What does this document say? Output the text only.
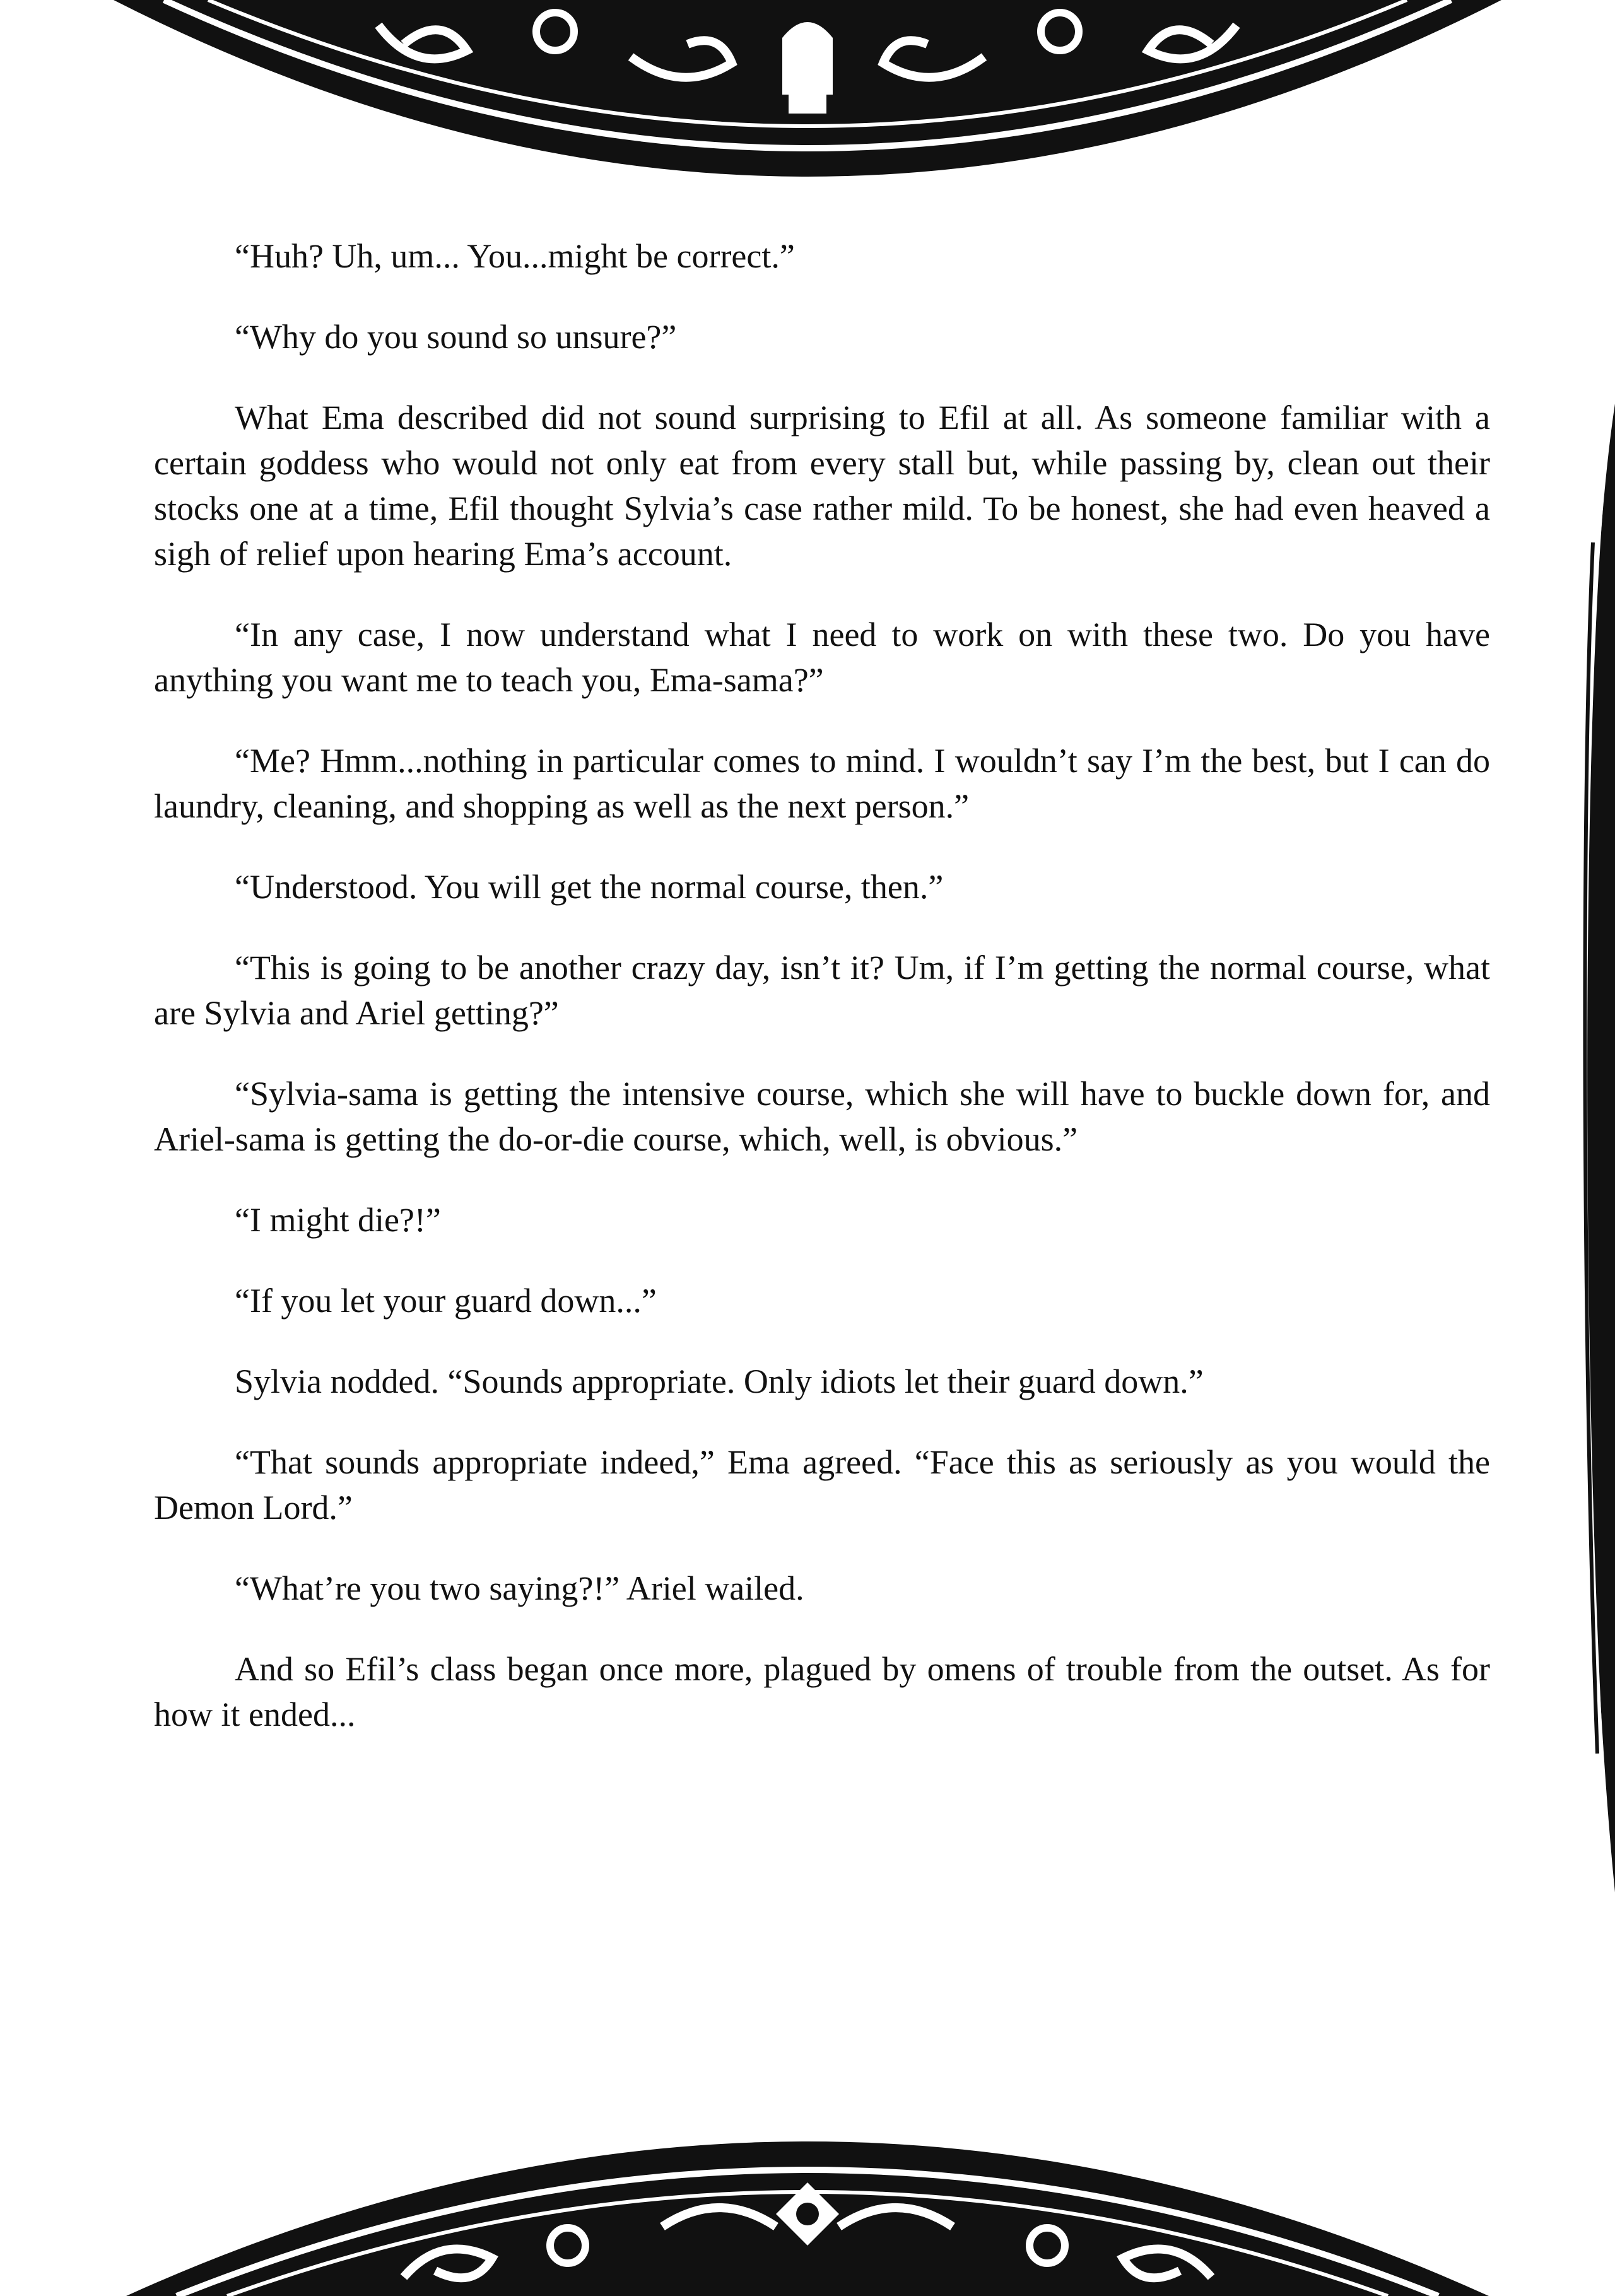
“Huh? Uh, um... You...might be correct.”

“Why do you sound so unsure?”

What Ema described did not sound surprising to Efil at all. As someone familiar with a certain goddess who would not only eat from every stall but, while passing by, clean out their stocks one at a time, Efil thought Sylvia’s case rather mild. To be honest, she had even heaved a sigh of relief upon hearing Ema’s account.

“In any case, I now understand what I need to work on with these two. Do you have anything you want me to teach you, Ema-sama?”

“Me? Hmm...nothing in particular comes to mind. I wouldn’t say I’m the best, but I can do laundry, cleaning, and shopping as well as the next person.”

“Understood. You will get the normal course, then.”

“This is going to be another crazy day, isn’t it? Um, if I’m getting the normal course, what are Sylvia and Ariel getting?”

“Sylvia-sama is getting the intensive course, which she will have to buckle down for, and Ariel-sama is getting the do-or-die course, which, well, is obvious.”

“I might die?!”

“If you let your guard down...”

Sylvia nodded. “Sounds appropriate. Only idiots let their guard down.”

“That sounds appropriate indeed,” Ema agreed. “Face this as seriously as you would the Demon Lord.”

“What’re you two saying?!” Ariel wailed.

And so Efil’s class began once more, plagued by omens of trouble from the outset. As for how it ended...
